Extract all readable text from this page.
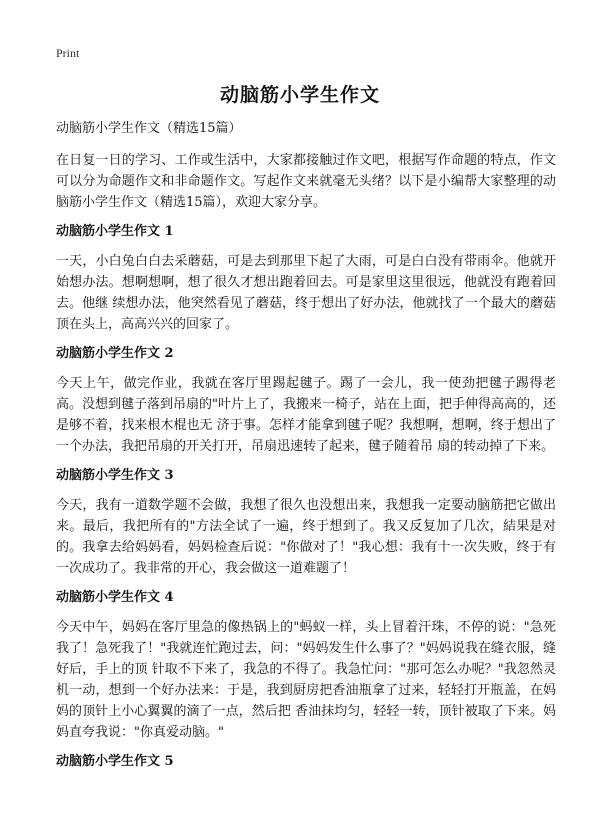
Print
动脑筋小学生作文
动脑筋小学生作文（精选15篇）

在日复一日的学习、工作或生活中，大家都接触过作文吧，根据写作命题的特点，作文可以分为命题作文和非命题作文。写起作文来就毫无头绪？以下是小编帮大家整理的动脑筋小学生作文（精选15篇），欢迎大家分享。

动脑筋小学生作文 1

一天，小白兔白白去采蘑菇，可是去到那里下起了大雨，可是白白没有带雨伞。他就开始想办法。想啊想啊，想了很久才想出跑着回去。可是家里这里很远，他就没有跑着回去。他继 续想办法，他突然看见了蘑菇，终于想出了好办法，他就找了一个最大的蘑菇顶在头上，高高兴兴的回家了。

动脑筋小学生作文 2

今天上午，做完作业，我就在客厅里踢起毽子。踢了一会儿，我一使劲把毽子踢得老高。没想到毽子落到吊扇的"叶片上了，我搬来一椅子，站在上面，把手伸得高高的，还是够不着，找来根木棍也无 济于事。怎样才能拿到毽子呢？我想啊，想啊，终于想出了一个办法，我把吊扇的开关打开，吊扇迅速转了起来，毽子随着吊 扇的转动掉了下来。

动脑筋小学生作文 3

今天，我有一道数学题不会做，我想了很久也没想出来，我想我一定要动脑筋把它做出来。最后，我把所有的"方法全试了一遍，终于想到了。我又反复加了几次，結果是对的。我拿去给妈妈看，妈妈检查后说："你做对了！"我心想：我有十一次失败，终于有一次成功了。我非常的开心，我会做这一道难题了！

动脑筋小学生作文 4

今天中午，妈妈在客厅里急的像热锅上的"蚂蚁一样，头上冒着汗珠，不停的说："急死我了！急死我了！"我就连忙跑过去，问："妈妈发生什么事了？"妈妈说我在缝衣服，缝好后，手上的顶 针取不下来了，我急的不得了。我急忙问："那可怎么办呢？"我忽然灵机一动，想到一个好办法来：于是，我到厨房把香油瓶拿了过来，轻轻打开瓶盖，在妈妈的顶针上小心翼翼的滴了一点，然后把 香油抹均匀，轻轻一转，顶针被取了下来。妈妈直夸我说："你真爱动脑。"

动脑筋小学生作文 5
